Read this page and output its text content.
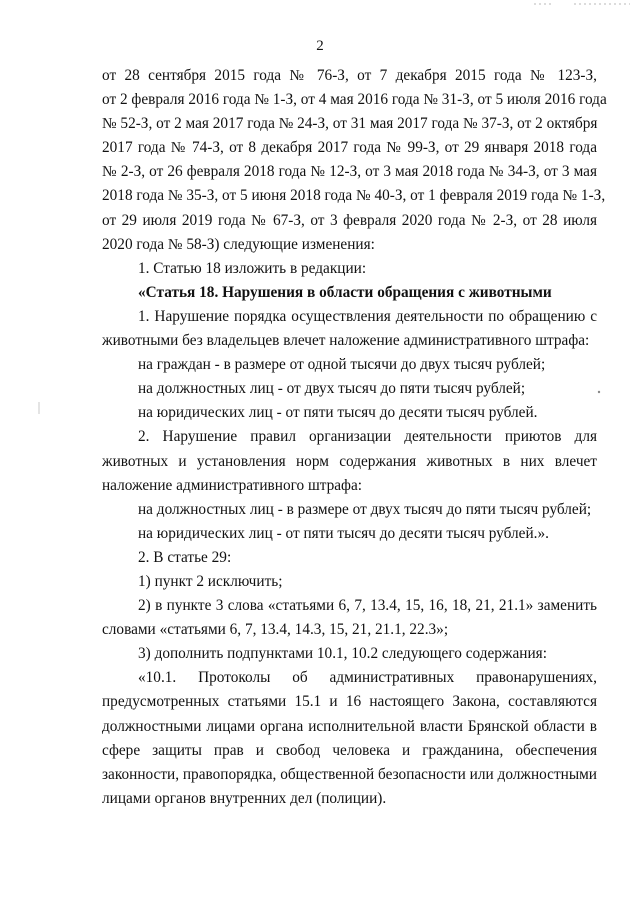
2
от 28 сентября 2015 года № 76-З, от 7 декабря 2015 года № 123-З,
от 2 февраля 2016 года № 1-З, от 4 мая 2016 года № 31-З, от 5 июля 2016 года
№ 52-З, от 2 мая 2017 года № 24-З, от 31 мая 2017 года № 37-З, от 2 октября
2017 года № 74-З, от 8 декабря 2017 года № 99-З, от 29 января 2018 года
№ 2-З, от 26 февраля 2018 года № 12-З, от 3 мая 2018 года № 34-З, от 3 мая
2018 года № 35-З, от 5 июня 2018 года № 40-З, от 1 февраля 2019 года № 1-З,
от 29 июля 2019 года № 67-З, от 3 февраля 2020 года № 2-З, от 28 июля
2020 года № 58-З) следующие изменения:
1. Статью 18 изложить в редакции:
«Статья 18. Нарушения в области обращения с животными
1. Нарушение порядка осуществления деятельности по обращению с
животными без владельцев влечет наложение административного штрафа:
на граждан - в размере от одной тысячи до двух тысяч рублей;
на должностных лиц - от двух тысяч до пяти тысяч рублей;
на юридических лиц - от пяти тысяч до десяти тысяч рублей.
2. Нарушение правил организации деятельности приютов для
животных и установления норм содержания животных в них влечет
наложение административного штрафа:
на должностных лиц - в размере от двух тысяч до пяти тысяч рублей;
на юридических лиц - от пяти тысяч до десяти тысяч рублей.».
2. В статье 29:
1) пункт 2 исключить;
2) в пункте 3 слова «статьями 6, 7, 13.4, 15, 16, 18, 21, 21.1» заменить
словами «статьями 6, 7, 13.4, 14.3, 15, 21, 21.1, 22.3»;
3) дополнить подпунктами 10.1, 10.2 следующего содержания:
«10.1. Протоколы об административных правонарушениях,
предусмотренных статьями 15.1 и 16 настоящего Закона, составляются
должностными лицами органа исполнительной власти Брянской области в
сфере защиты прав и свобод человека и гражданина, обеспечения
законности, правопорядка, общественной безопасности или должностными
лицами органов внутренних дел (полиции).
